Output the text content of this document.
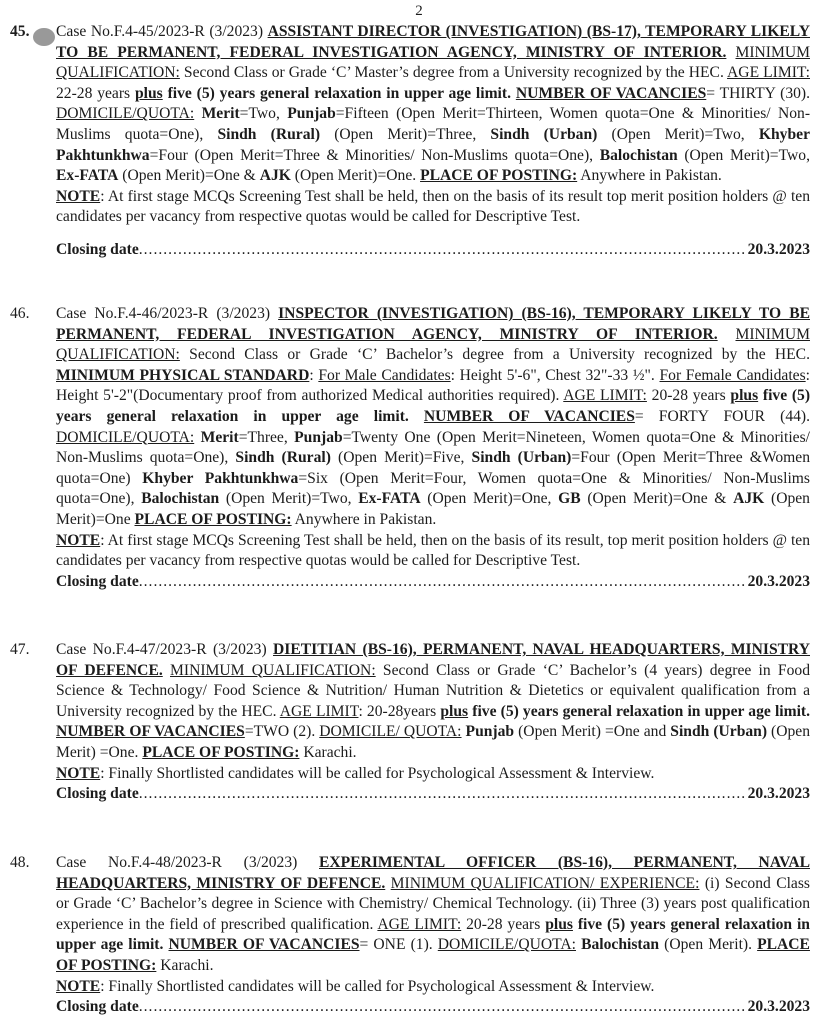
2
45.	Case No.F.4-45/2023-R (3/2023) ASSISTANT DIRECTOR (INVESTIGATION) (BS-17), TEMPORARY LIKELY TO BE PERMANENT, FEDERAL INVESTIGATION AGENCY, MINISTRY OF INTERIOR. MINIMUM QUALIFICATION: Second Class or Grade ‘C’ Master’s degree from a University recognized by the HEC. AGE LIMIT: 22-28 years plus five (5) years general relaxation in upper age limit. NUMBER OF VACANCIES= THIRTY (30). DOMICILE/QUOTA: Merit=Two, Punjab=Fifteen (Open Merit=Thirteen, Women quota=One & Minorities/ Non-Muslims quota=One), Sindh (Rural) (Open Merit)=Three, Sindh (Urban) (Open Merit)=Two, Khyber Pakhtunkhwa=Four (Open Merit=Three & Minorities/ Non-Muslims quota=One), Balochistan (Open Merit)=Two, Ex-FATA (Open Merit)=One & AJK (Open Merit)=One. PLACE OF POSTING: Anywhere in Pakistan.
NOTE: At first stage MCQs Screening Test shall be held, then on the basis of its result top merit position holders @ ten candidates per vacancy from respective quotas would be called for Descriptive Test.
Closing date .....	20.3.2023
46.	Case No.F.4-46/2023-R (3/2023) INSPECTOR (INVESTIGATION) (BS-16), TEMPORARY LIKELY TO BE PERMANENT, FEDERAL INVESTIGATION AGENCY, MINISTRY OF INTERIOR. MINIMUM QUALIFICATION: Second Class or Grade ‘C’ Bachelor’s degree from a University recognized by the HEC. MINIMUM PHYSICAL STANDARD: For Male Candidates: Height 5'-6", Chest 32"-33 ½". For Female Candidates: Height 5'-2"(Documentary proof from authorized Medical authorities required). AGE LIMIT: 20-28 years plus five (5) years general relaxation in upper age limit. NUMBER OF VACANCIES= FORTY FOUR (44). DOMICILE/QUOTA: Merit=Three, Punjab=Twenty One (Open Merit=Nineteen, Women quota=One & Minorities/ Non-Muslims quota=One), Sindh (Rural) (Open Merit)=Five, Sindh (Urban)=Four (Open Merit=Three &Women quota=One) Khyber Pakhtunkhwa=Six (Open Merit=Four, Women quota=One & Minorities/ Non-Muslims quota=One), Balochistan (Open Merit)=Two, Ex-FATA (Open Merit)=One, GB (Open Merit)=One & AJK (Open Merit)=One PLACE OF POSTING: Anywhere in Pakistan.
NOTE: At first stage MCQs Screening Test shall be held, then on the basis of its result, top merit position holders @ ten candidates per vacancy from respective quotas would be called for Descriptive Test.
Closing date .....	20.3.2023
47.	Case No.F.4-47/2023-R (3/2023) DIETITIAN (BS-16), PERMANENT, NAVAL HEADQUARTERS, MINISTRY OF DEFENCE. MINIMUM QUALIFICATION: Second Class or Grade ‘C’ Bachelor’s (4 years) degree in Food Science & Technology/ Food Science & Nutrition/ Human Nutrition & Dietetics or equivalent qualification from a University recognized by the HEC. AGE LIMIT: 20-28years plus five (5) years general relaxation in upper age limit. NUMBER OF VACANCIES=TWO (2). DOMICILE/ QUOTA: Punjab (Open Merit) =One and Sindh (Urban) (Open Merit) =One. PLACE OF POSTING: Karachi.
NOTE: Finally Shortlisted candidates will be called for Psychological Assessment & Interview.
Closing date .....	20.3.2023
48.	Case No.F.4-48/2023-R (3/2023) EXPERIMENTAL OFFICER (BS-16), PERMANENT, NAVAL HEADQUARTERS, MINISTRY OF DEFENCE. MINIMUM QUALIFICATION/ EXPERIENCE: (i) Second Class or Grade ‘C’ Bachelor’s degree in Science with Chemistry/ Chemical Technology. (ii) Three (3) years post qualification experience in the field of prescribed qualification. AGE LIMIT: 20-28 years plus five (5) years general relaxation in upper age limit. NUMBER OF VACANCIES= ONE (1). DOMICILE/QUOTA: Balochistan (Open Merit). PLACE OF POSTING: Karachi.
NOTE: Finally Shortlisted candidates will be called for Psychological Assessment & Interview.
Closing date .....	20.3.2023
